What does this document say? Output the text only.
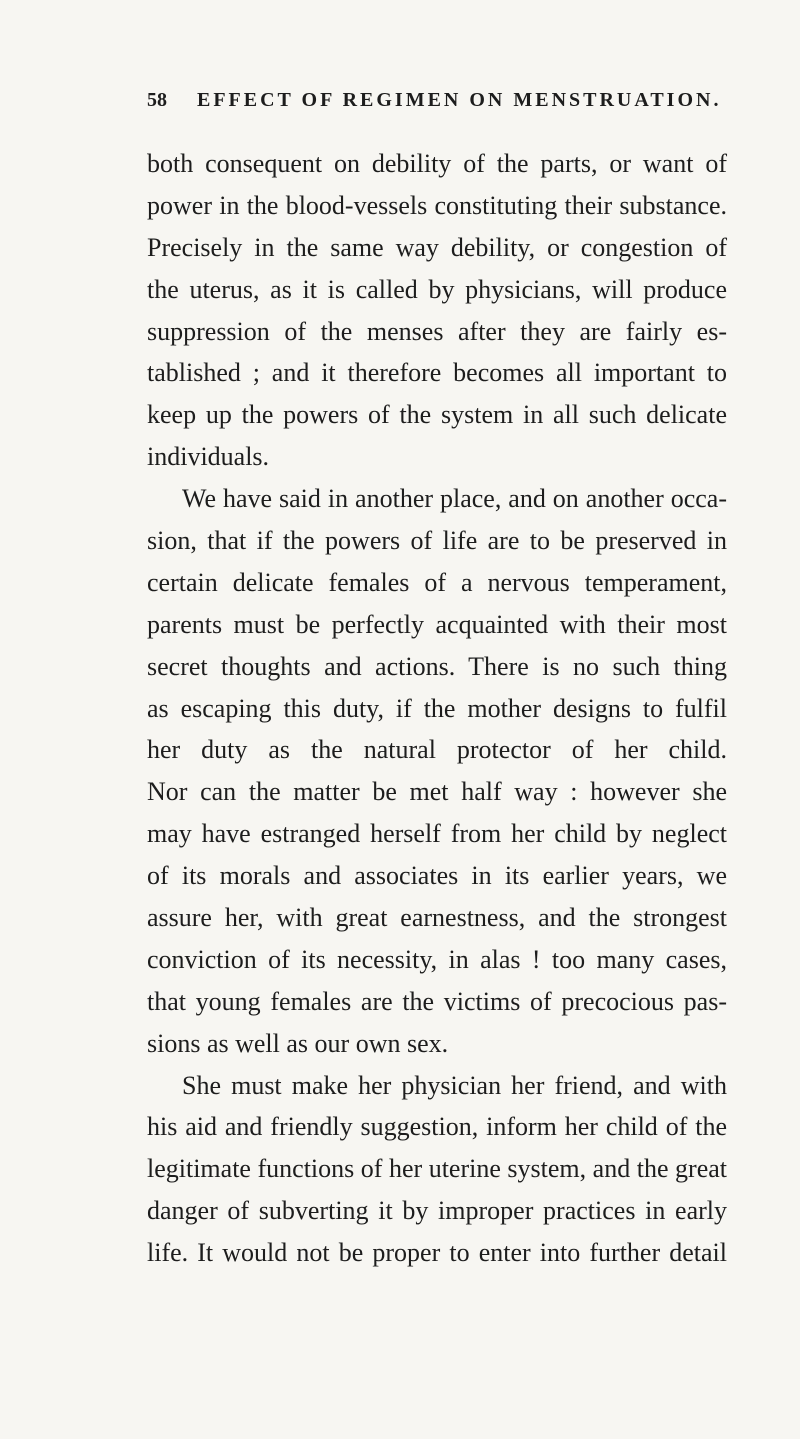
58 EFFECT OF REGIMEN ON MENSTRUATION.
both consequent on debility of the parts, or want of
power in the blood-vessels constituting their substance.
Precisely in the same way debility, or congestion of
the uterus, as it is called by physicians, will produce
suppression of the menses after they are fairly es-
tablished ; and it therefore becomes all important to
keep up the powers of the system in all such delicate
individuals.
We have said in another place, and on another occa-
sion, that if the powers of life are to be preserved in
certain delicate females of a nervous temperament,
parents must be perfectly acquainted with their most
secret thoughts and actions. There is no such thing
as escaping this duty, if the mother designs to fulfil
her duty as the natural protector of her child.
Nor can the matter be met half way : however she
may have estranged herself from her child by neglect
of its morals and associates in its earlier years, we
assure her, with great earnestness, and the strongest
conviction of its necessity, in alas ! too many cases,
that young females are the victims of precocious pas-
sions as well as our own sex.
She must make her physician her friend, and with
his aid and friendly suggestion, inform her child of the
legitimate functions of her uterine system, and the great
danger of subverting it by improper practices in early
life. It would not be proper to enter into further detail
